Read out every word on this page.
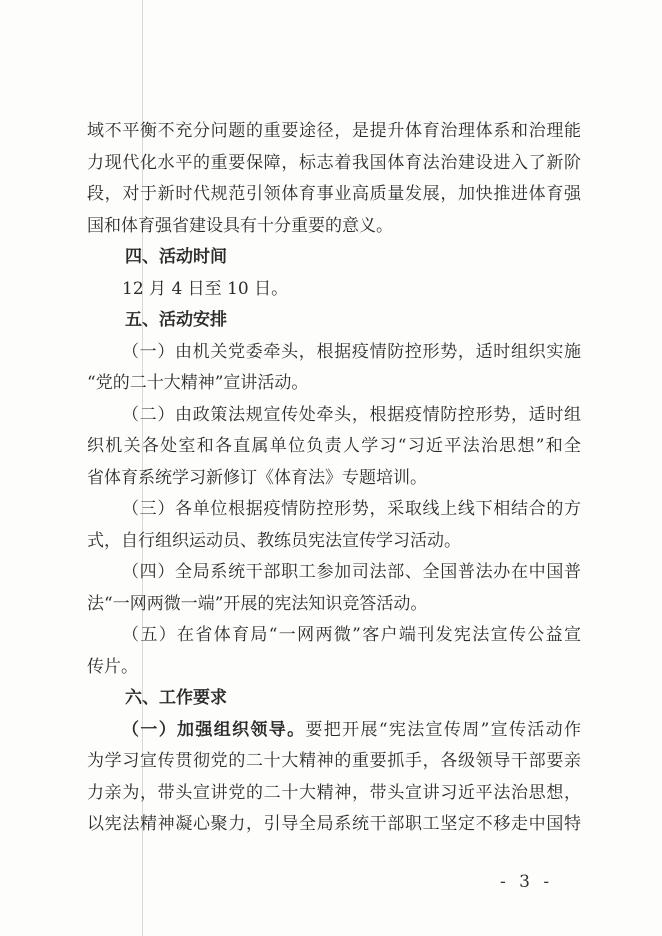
域不平衡不充分问题的重要途径，是提升体育治理体系和治理能
力现代化水平的重要保障，标志着我国体育法治建设进入了新阶
段，对于新时代规范引领体育事业高质量发展，加快推进体育强
国和体育强省建设具有十分重要的意义。
四、活动时间
12 月 4 日至 10 日。
五、活动安排
（一）由机关党委牵头，根据疫情防控形势，适时组织实施
“党的二十大精神”宣讲活动。
（二）由政策法规宣传处牵头，根据疫情防控形势，适时组
织机关各处室和各直属单位负责人学习“习近平法治思想”和全
省体育系统学习新修订《体育法》专题培训。
（三）各单位根据疫情防控形势，采取线上线下相结合的方
式，自行组织运动员、教练员宪法宣传学习活动。
（四）全局系统干部职工参加司法部、全国普法办在中国普
法“一网两微一端”开展的宪法知识竞答活动。
（五）在省体育局“一网两微”客户端刊发宪法宣传公益宣
传片。
六、工作要求
（一）加强组织领导。要把开展“宪法宣传周”宣传活动作
为学习宣传贯彻党的二十大精神的重要抓手，各级领导干部要亲
力亲为，带头宣讲党的二十大精神，带头宣讲习近平法治思想，
以宪法精神凝心聚力，引导全局系统干部职工坚定不移走中国特
- 3 -
